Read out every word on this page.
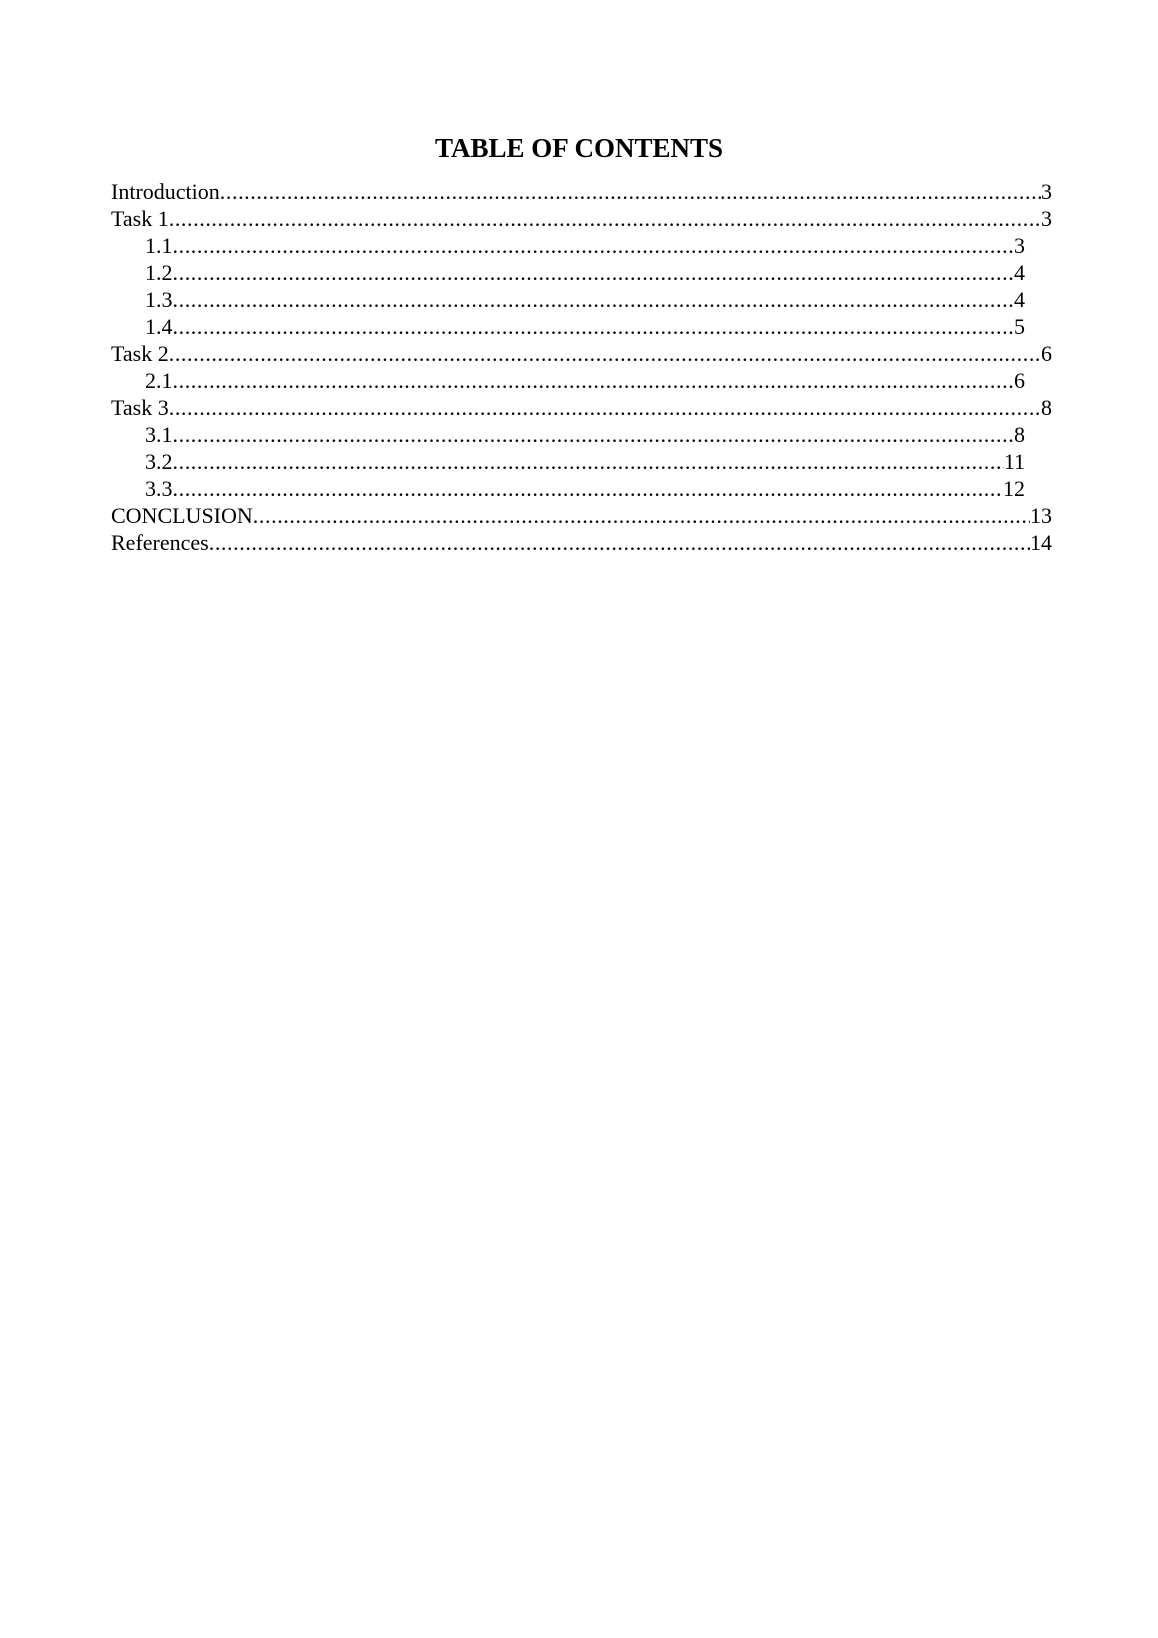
TABLE OF CONTENTS
Introduction .....	3
Task 1 .....	3
1.1 .....	3
1.2 .....	4
1.3 .....	4
1.4 .....	5
Task 2 .....	6
2.1 .....	6
Task 3 .....	8
3.1 .....	8
3.2 .....	11
3.3 .....	12
CONCLUSION .....	13
References .....	14
